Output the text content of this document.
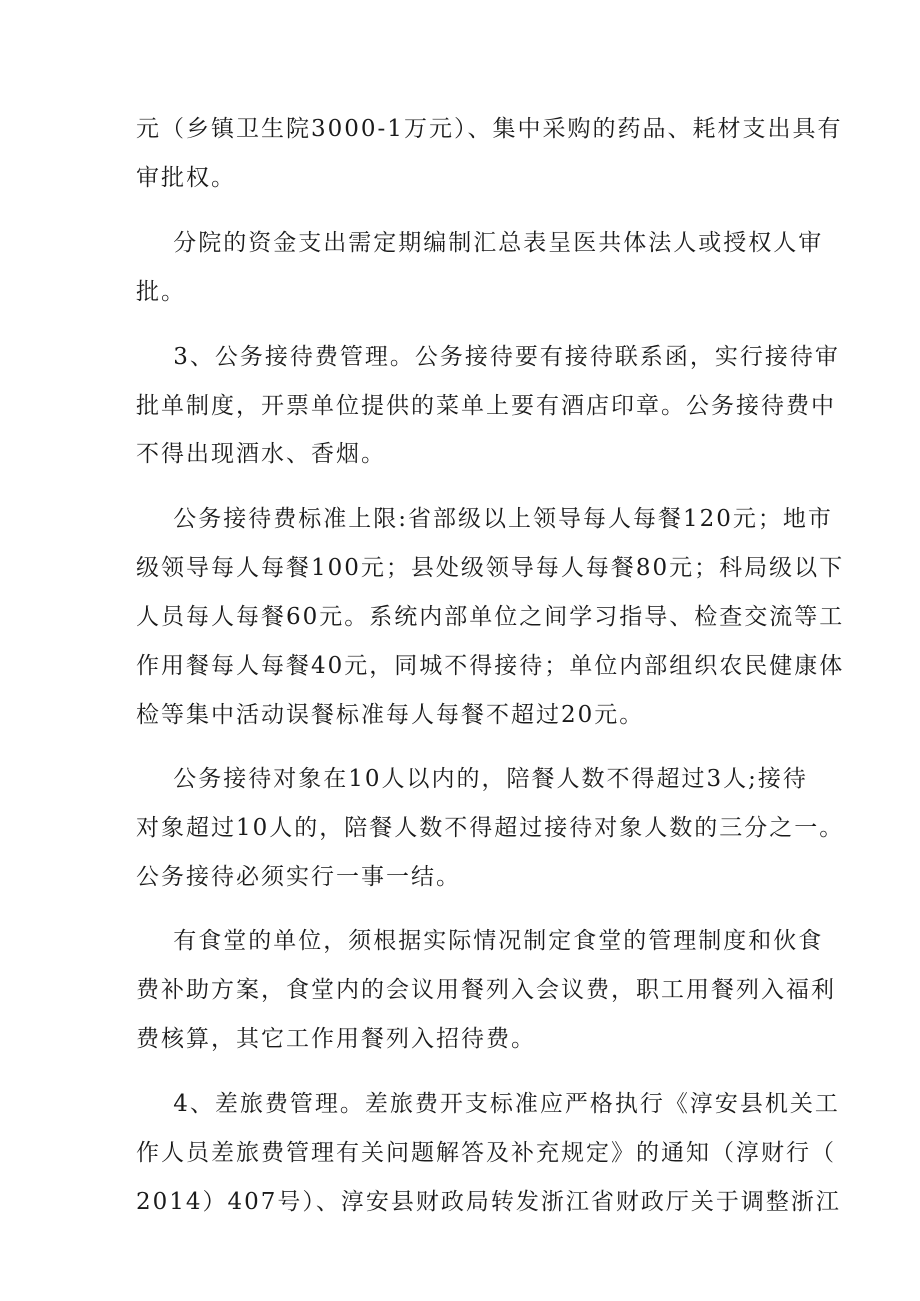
元（乡镇卫生院3000-1万元）、集中采购的药品、耗材支出具有
审批权。
分院的资金支出需定期编制汇总表呈医共体法人或授权人审
批。
3、公务接待费管理。公务接待要有接待联系函，实行接待审
批单制度，开票单位提供的菜单上要有酒店印章。公务接待费中
不得出现酒水、香烟。
公务接待费标准上限:省部级以上领导每人每餐120元；地市
级领导每人每餐100元；县处级领导每人每餐80元；科局级以下
人员每人每餐60元。系统内部单位之间学习指导、检查交流等工
作用餐每人每餐40元，同城不得接待；单位内部组织农民健康体
检等集中活动误餐标准每人每餐不超过20元。
公务接待对象在10人以内的，陪餐人数不得超过3人;接待
对象超过10人的，陪餐人数不得超过接待对象人数的三分之一。
公务接待必须实行一事一结。
有食堂的单位，须根据实际情况制定食堂的管理制度和伙食
费补助方案，食堂内的会议用餐列入会议费，职工用餐列入福利
费核算，其它工作用餐列入招待费。
4、差旅费管理。差旅费开支标准应严格执行《淳安县机关工
作人员差旅费管理有关问题解答及补充规定》的通知（淳财行（
2014）407号）、淳安县财政局转发浙江省财政厅关于调整浙江
